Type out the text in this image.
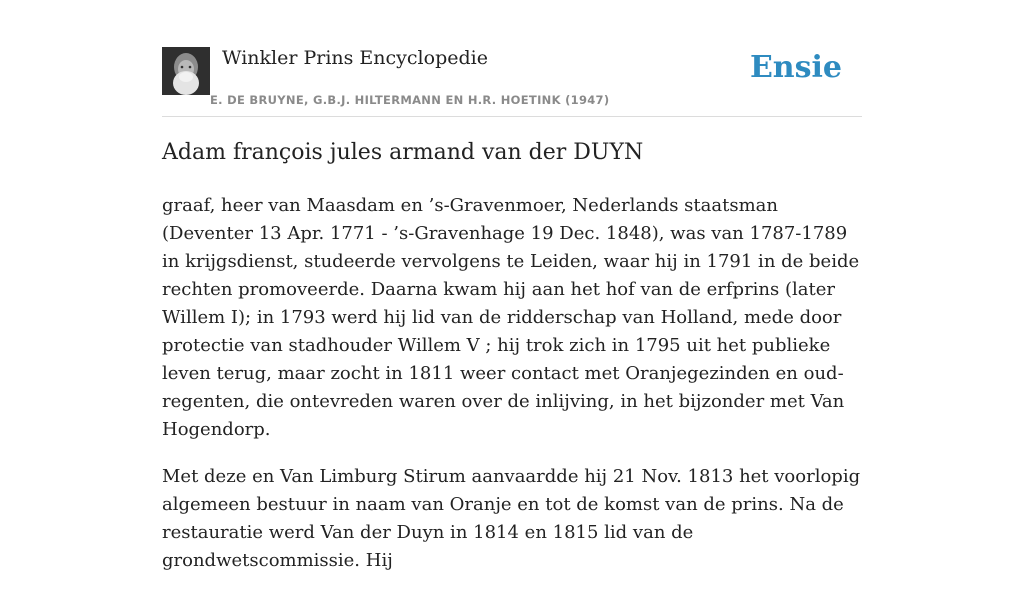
Winkler Prins Encyclopedie
E. DE BRUYNE, G.B.J. HILTERMANN EN H.R. HOETINK (1947)
Ensie
Adam françois jules armand van der DUYN

graaf, heer van Maasdam en ’s-Gravenmoer, Nederlands staatsman (Deventer 13 Apr. 1771 - ’s-Gravenhage 19 Dec. 1848), was van 1787-1789 in krijgsdienst, studeerde vervolgens te Leiden, waar hij in 1791 in de beide rechten promoveerde. Daarna kwam hij aan het hof van de erfprins (later Willem I); in 1793 werd hij lid van de ridderschap van Holland, mede door protectie van stadhouder Willem V ; hij trok zich in 1795 uit het publieke leven terug, maar zocht in 1811 weer contact met Oranjegezinden en oud-regenten, die ontevreden waren over de inlijving, in het bijzonder met Van Hogendorp.

Met deze en Van Limburg Stirum aanvaardde hij 21 Nov. 1813 het voorlopig algemeen bestuur in naam van Oranje en tot de komst van de prins. Na de restauratie werd Van der Duyn in 1814 en 1815 lid van de grondwetscommissie. Hij
